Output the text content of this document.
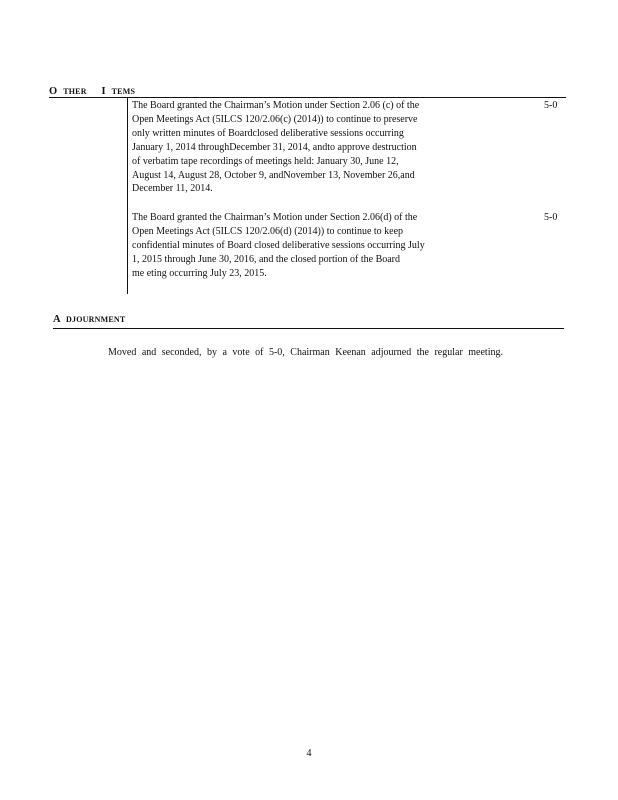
O THER I TEMS
The Board granted the Chairman’s Motion under Section 2.06 (c) of the
Open Meetings Act (5ILCS 120/2.06(c) (2014)) to continue to preserve
only written minutes of Boardclosed deliberative sessions occurring
January 1, 2014 throughDecember 31, 2014, andto approve destruction
of verbatim tape recordings of meetings held: January 30, June 12,
August 14, August 28, October 9, andNovember 13, November 26,and
December 11, 2014.
5-0
The Board granted the Chairman’s Motion under Section 2.06(d) of the
Open Meetings Act (5ILCS 120/2.06(d) (2014)) to continue to keep
confidential minutes of Board closed deliberative sessions occurring July
1, 2015 through June 30, 2016, and the closed portion of the Board
me eting occurring July 23, 2015.
5-0
A DJOURNMENT
Moved and seconded, by a vote of 5-0, Chairman Keenan adjourned the regular meeting.
4
